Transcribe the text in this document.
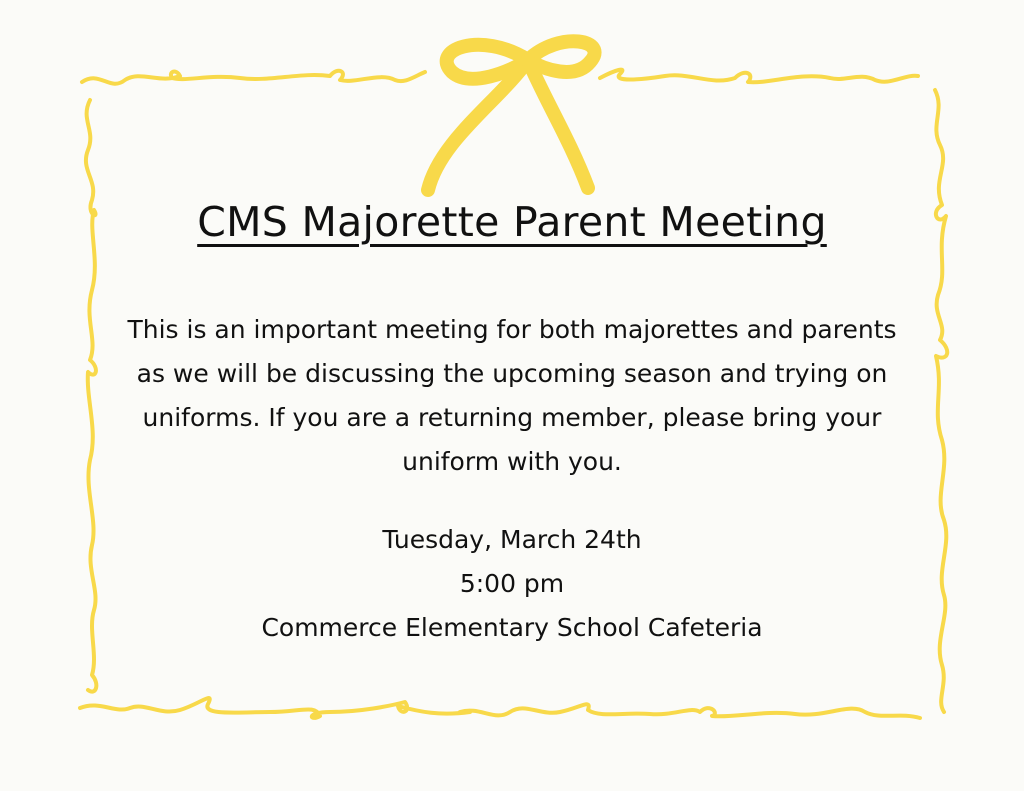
CMS Majorette Parent Meeting

This is an important meeting for both majorettes and parents as we will be discussing the upcoming season and trying on uniforms. If you are a returning member, please bring your uniform with you.

Tuesday, March 24th
5:00 pm
Commerce Elementary School Cafeteria
